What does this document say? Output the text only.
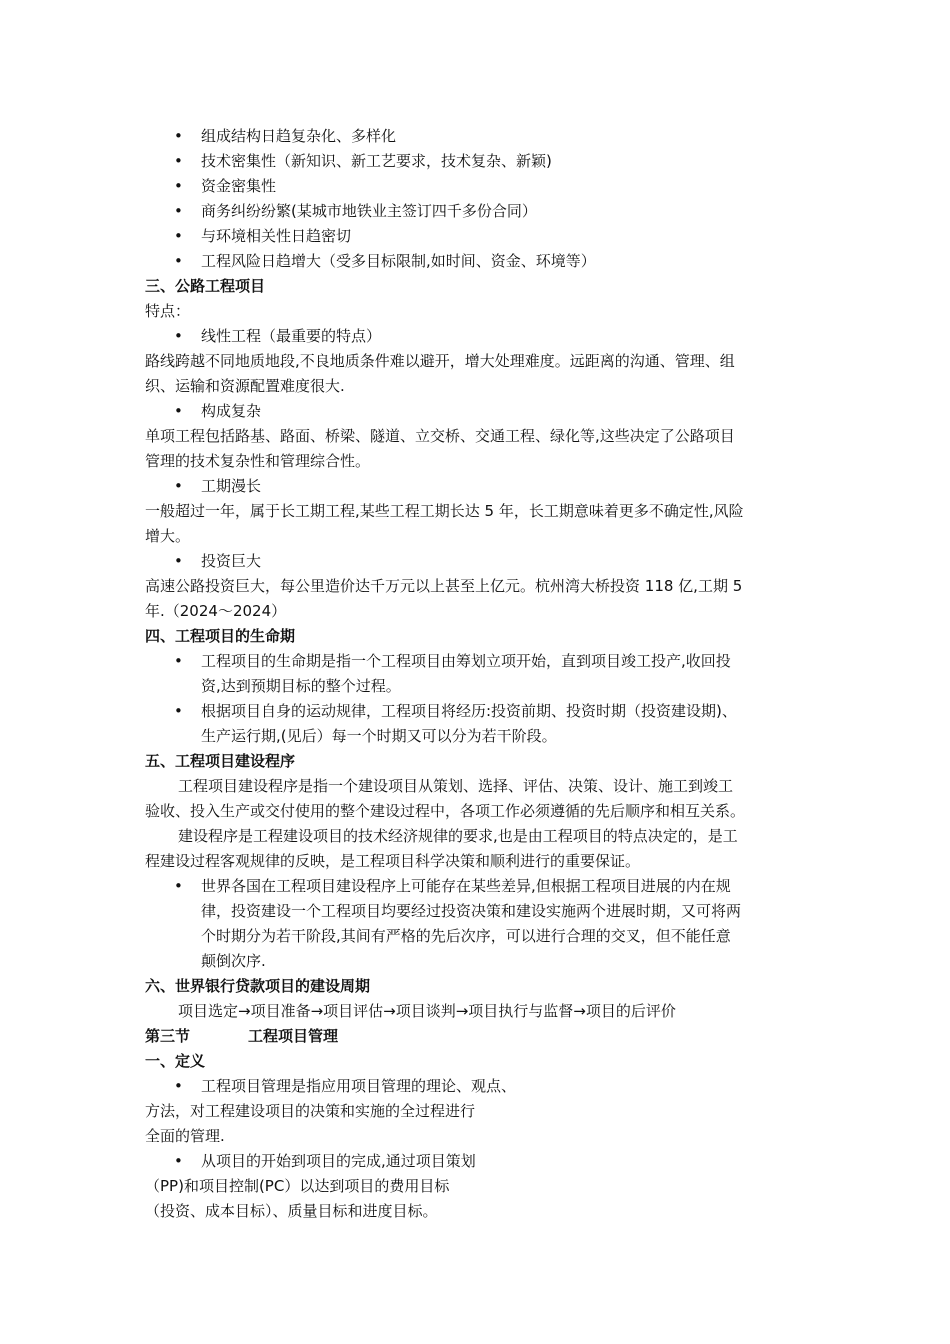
• 组成结构日趋复杂化、多样化
• 技术密集性（新知识、新工艺要求，技术复杂、新颖)
• 资金密集性
• 商务纠纷纷繁(某城市地铁业主签订四千多份合同）
• 与环境相关性日趋密切
• 工程风险日趋增大（受多目标限制,如时间、资金、环境等）
三、公路工程项目
特点：
• 线性工程（最重要的特点）
路线跨越不同地质地段,不良地质条件难以避开，增大处理难度。远距离的沟通、管理、组
织、运输和资源配置难度很大.
• 构成复杂
单项工程包括路基、路面、桥梁、隧道、立交桥、交通工程、绿化等,这些决定了公路项目
管理的技术复杂性和管理综合性。
• 工期漫长
一般超过一年，属于长工期工程,某些工程工期长达 5 年，长工期意味着更多不确定性,风险
增大。
• 投资巨大
高速公路投资巨大，每公里造价达千万元以上甚至上亿元。杭州湾大桥投资 118 亿,工期 5
年.（2024～2024）
四、工程项目的生命期
• 工程项目的生命期是指一个工程项目由筹划立项开始，直到项目竣工投产,收回投
资,达到预期目标的整个过程。
• 根据项目自身的运动规律，工程项目将经历:投资前期、投资时期（投资建设期)、
生产运行期,(见后）每一个时期又可以分为若干阶段。
五、工程项目建设程序
工程项目建设程序是指一个建设项目从策划、选择、评估、决策、设计、施工到竣工
验收、投入生产或交付使用的整个建设过程中，各项工作必须遵循的先后顺序和相互关系。
建设程序是工程建设项目的技术经济规律的要求,也是由工程项目的特点决定的，是工
程建设过程客观规律的反映，是工程项目科学决策和顺利进行的重要保证。
• 世界各国在工程项目建设程序上可能存在某些差异,但根据工程项目进展的内在规
律，投资建设一个工程项目均要经过投资决策和建设实施两个进展时期，又可将两
个时期分为若干阶段,其间有严格的先后次序，可以进行合理的交叉，但不能任意
颠倒次序.
六、世界银行贷款项目的建设周期
项目选定→项目准备→项目评估→项目谈判→项目执行与监督→项目的后评价
第三节	工程项目管理
一、定义
• 工程项目管理是指应用项目管理的理论、观点、
方法，对工程建设项目的决策和实施的全过程进行
全面的管理.
• 从项目的开始到项目的完成,通过项目策划
（PP)和项目控制(PC）以达到项目的费用目标
（投资、成本目标）、质量目标和进度目标。
